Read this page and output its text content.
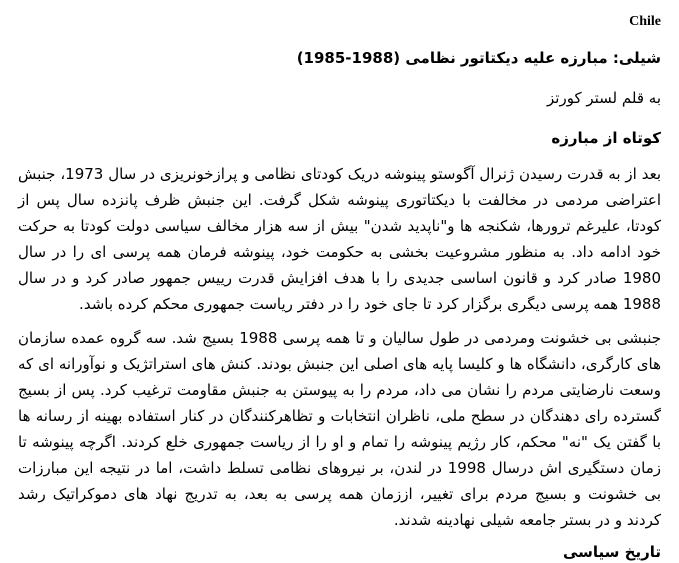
Chile
شیلی: مبارزه علیه دیکتاتور نظامی (1988-1985)

به قلم لستر کورتز

کوتاه از مبارزه

بعد از به قدرت رسیدن ژنرال آگوستو پینوشه دریک کودتای نظامی و پرازخونریزی در سال 1973، جنبش اعتراضی مردمی در مخالفت با دیکتاتوری پینوشه شکل گرفت. این جنبش ظرف پانزده سال پس از کودتا، علیرغم ترورها، شکنجه ها و"ناپدید شدن" بیش از سه هزار مخالف سیاسی دولت کودتا به حرکت خود ادامه داد. به منظور مشروعیت بخشی به حکومت خود، پینوشه فرمان همه پرسی ای را در سال 1980 صادر کرد و قانون اساسی جدیدی را با هدف افزایش قدرت رییس جمهور صادر کرد و در سال 1988 همه پرسی دیگری برگزار کرد تا جای خود را در دفتر ریاست جمهوری محکم کرده باشد.

جنبشی بی خشونت ومردمی در طول سالیان و تا همه پرسی 1988 بسیج شد. سه گروه عمده سازمان های کارگری، دانشگاه ها و کلیسا پایه های اصلی این جنبش بودند. کنش های استراتژیک و نوآورانه ای که وسعت نارضایتی مردم را نشان می داد، مردم را به پیوستن به جنبش مقاومت ترغیب کرد. پس از بسیج گسترده رای دهندگان در سطح ملی، ناظران انتخابات و تظاهرکنندگان در کنار استفاده بهینه از رسانه ها با گفتن یک "نه" محکم، کار رژیم پینوشه را تمام و او را از ریاست جمهوری خلع کردند. اگرچه پینوشه تا زمان دستگیری اش درسال 1998 در لندن، بر نیروهای نظامی تسلط داشت، اما در نتیجه این مبارزات بی خشونت و بسیج مردم برای تغییر، اززمان همه پرسی به بعد، به تدریج نهاد های دموکراتیک رشد کردند و در بستر جامعه شیلی نهادینه شدند.

تاریخ سیاسی
